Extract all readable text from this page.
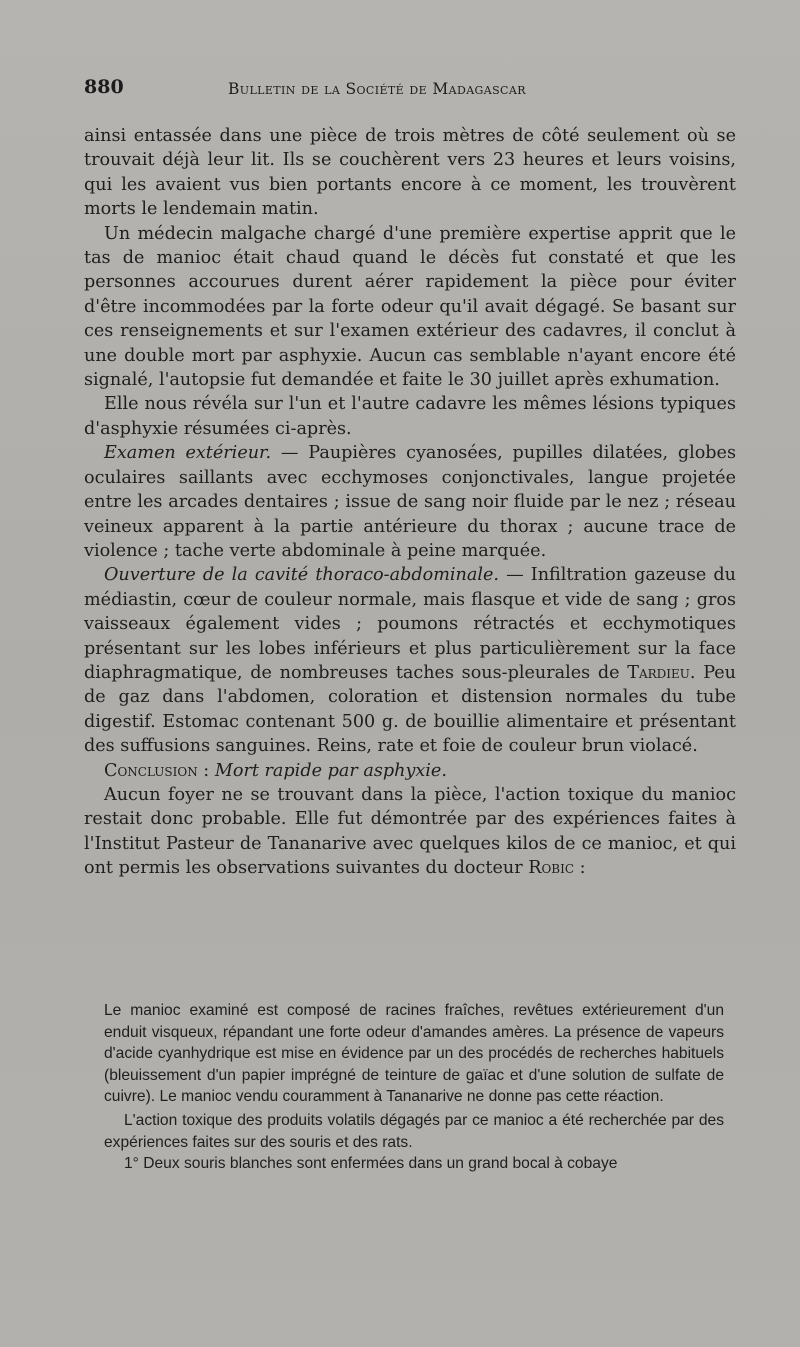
880	Bulletin de la Société de Madagascar

ainsi entassée dans une pièce de trois mètres de côté seulement où se trouvait déjà leur lit. Ils se couchèrent vers 23 heures et leurs voisins, qui les avaient vus bien portants encore à ce moment, les trouvèrent morts le lendemain matin.

Un médecin malgache chargé d'une première expertise apprit que le tas de manioc était chaud quand le décès fut constaté et que les personnes accourues durent aérer rapidement la pièce pour éviter d'être incommodées par la forte odeur qu'il avait dégagé. Se basant sur ces renseignements et sur l'examen extérieur des cadavres, il conclut à une double mort par asphyxie. Aucun cas semblable n'ayant encore été signalé, l'autopsie fut demandée et faite le 30 juillet après exhumation.

Elle nous révéla sur l'un et l'autre cadavre les mêmes lésions typiques d'asphyxie résumées ci-après.

Examen extérieur. — Paupières cyanosées, pupilles dilatées, globes oculaires saillants avec ecchymoses conjonctivales, langue projetée entre les arcades dentaires ; issue de sang noir fluide par le nez ; réseau veineux apparent à la partie antérieure du thorax ; aucune trace de violence ; tache verte abdominale à peine marquée.

Ouverture de la cavité thoraco-abdominale. — Infiltration gazeuse du médiastin, cœur de couleur normale, mais flasque et vide de sang ; gros vaisseaux également vides ; poumons rétractés et ecchymotiques présentant sur les lobes inférieurs et plus particulièrement sur la face diaphragmatique, de nombreuses taches sous-pleurales de Tardieu. Peu de gaz dans l'abdomen, coloration et distension normales du tube digestif. Estomac contenant 500 g. de bouillie alimentaire et présentant des suffusions sanguines. Reins, rate et foie de couleur brun violacé.

Conclusion : Mort rapide par asphyxie.

Aucun foyer ne se trouvant dans la pièce, l'action toxique du manioc restait donc probable. Elle fut démontrée par des expériences faites à l'Institut Pasteur de Tananarive avec quelques kilos de ce manioc, et qui ont permis les observations suivantes du docteur Robic :

Le manioc examiné est composé de racines fraîches, revêtues extérieurement d'un enduit visqueux, répandant une forte odeur d'amandes amères. La présence de vapeurs d'acide cyanhydrique est mise en évidence par un des procédés de recherches habituels (bleuissement d'un papier imprégné de teinture de gaïac et d'une solution de sulfate de cuivre). Le manioc vendu couramment à Tananarive ne donne pas cette réaction.

L'action toxique des produits volatils dégagés par ce manioc a été recherchée par des expériences faites sur des souris et des rats.

1° Deux souris blanches sont enfermées dans un grand bocal à cobaye
